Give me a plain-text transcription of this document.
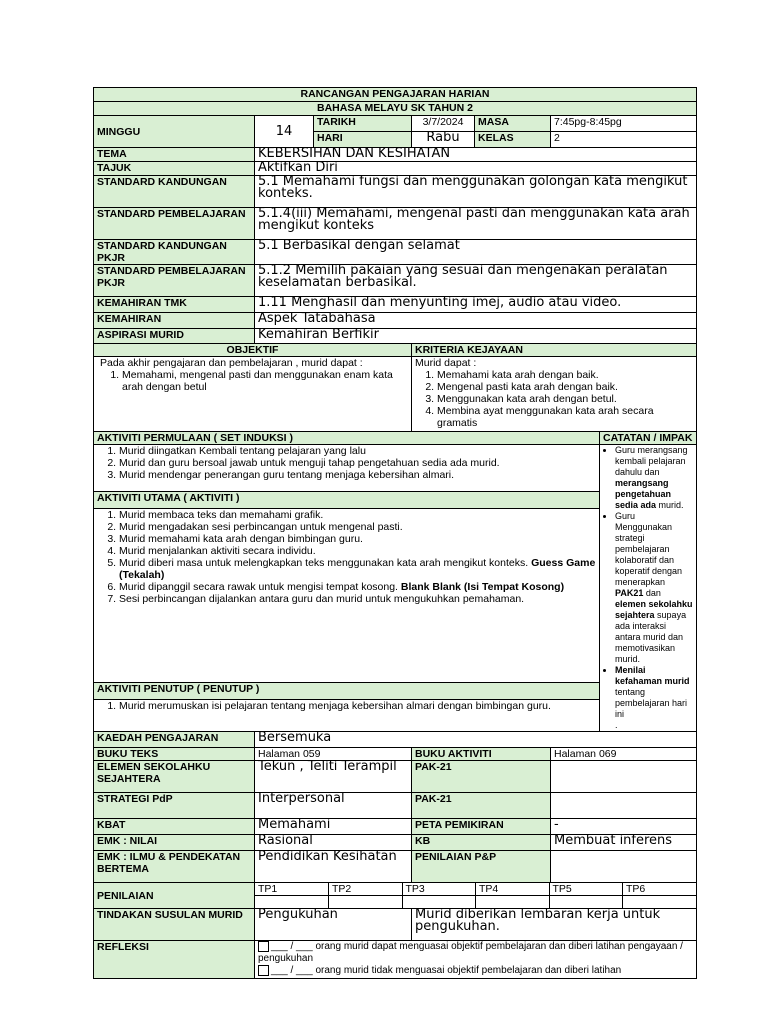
RANCANGAN PENGAJARAN HARIAN
BAHASA MELAYU SK TAHUN 2
MINGGU	14	TARIKH	3/7/2024	MASA	7:45pg-8:45pg
HARI	Rabu	KELAS	2
TEMA	KEBERSIHAN DAN KESIHATAN
TAJUK	Aktifkan Diri
STANDARD KANDUNGAN	5.1 Memahami fungsi dan menggunakan golongan kata mengikut konteks.
STANDARD PEMBELAJARAN	5.1.4(iii) Memahami, mengenal pasti dan menggunakan kata arah mengikut konteks
STANDARD KANDUNGAN PKJR	5.1 Berbasikal dengan selamat
STANDARD PEMBELAJARAN PKJR	5.1.2 Memilih pakaian yang sesuai dan mengenakan peralatan keselamatan berbasikal.
KEMAHIRAN TMK	1.11 Menghasil dan menyunting imej, audio atau video.
KEMAHIRAN	Aspek Tatabahasa
ASPIRASI MURID	Kemahiran Berfikir
OBJEKTIF	KRITERIA KEJAYAAN

Pada akhir pengajaran dan pembelajaran , murid dapat :
1. Memahami, mengenal pasti dan menggunakan enam kata arah dengan betul

Murid dapat :
1. Memahami kata arah dengan baik.
2. Mengenal pasti kata arah dengan baik.
3. Menggunakan kata arah dengan betul.
4. Membina ayat menggunakan kata arah secara gramatis

AKTIVITI PERMULAAN ( SET INDUKSI )	CATATAN / IMPAK

1. Murid diingatkan Kembali tentang pelajaran yang lalu
2. Murid dan guru bersoal jawab untuk menguji tahap pengetahuan sedia ada murid.
3. Murid mendengar penerangan guru tentang menjaga kebersihan almari.

• Guru merangsang kembali pelajaran dahulu dan merangsang pengetahuan sedia ada murid.
• Guru Menggunakan strategi pembelajaran kolaboratif dan koperatif dengan menerapkan PAK21 dan elemen sekolahku sejahtera supaya ada interaksi antara murid dan memotivasikan murid.
• Menilai kefahaman murid tentang pembelajaran hari ini
.

AKTIVITI UTAMA ( AKTIVITI )

1. Murid membaca teks dan memahami grafik.
2. Murid mengadakan sesi perbincangan untuk mengenal pasti.
3. Murid memahami kata arah dengan bimbingan guru.
4. Murid menjalankan aktiviti secara individu.
5. Murid diberi masa untuk melengkapkan teks menggunakan kata arah mengikut konteks. Guess Game (Tekalah)
6. Murid dipanggil secara rawak untuk mengisi tempat kosong. Blank Blank (Isi Tempat Kosong)
7. Sesi perbincangan dijalankan antara guru dan murid untuk mengukuhkan pemahaman.

AKTIVITI PENUTUP ( PENUTUP )

1. Murid merumuskan isi pelajaran tentang menjaga kebersihan almari dengan bimbingan guru.

KAEDAH PENGAJARAN	Bersemuka
BUKU TEKS	Halaman 059	BUKU AKTIVITI	Halaman 069
ELEMEN SEKOLAHKU SEJAHTERA	Tekun , Teliti Terampil	PAK-21	
STRATEGI PdP	Interpersonal	PAK-21	
KBAT	Memahami	PETA PEMIKIRAN	-
EMK : NILAI	Rasional	KB	Membuat inferens
EMK : ILMU & PENDEKATAN BERTEMA	Pendidikan Kesihatan	PENILAIAN P&P	
PENILAIAN	
TP1	TP2	TP3	TP4	TP5	TP6

TINDAKAN SUSULAN MURID	Pengukuhan	Murid diberikan lembaran kerja untuk pengukuhan.
REFLEKSI	___ / ___ orang murid dapat menguasai objektif pembelajaran dan diberi latihan pengayaan / pengukuhan
___ / ___ orang murid tidak menguasai objektif pembelajaran dan diberi latihan
